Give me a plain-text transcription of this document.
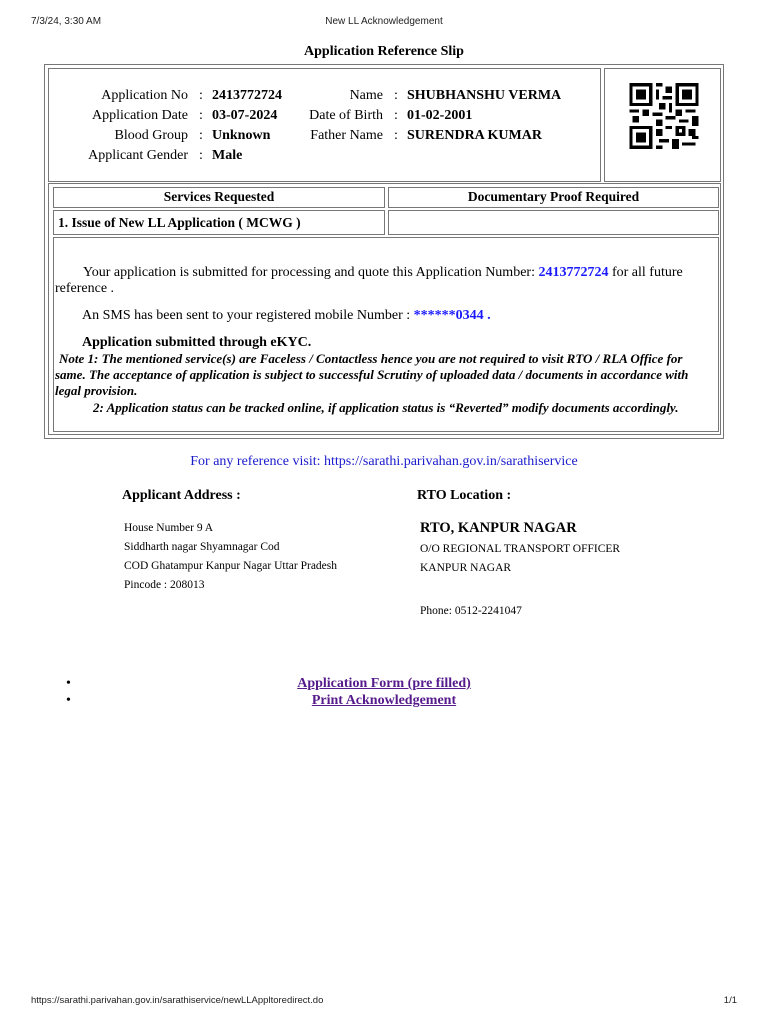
7/3/24, 3:30 AM	New LL Acknowledgement
Application Reference Slip
Application No : 2413772724	Name : SHUBHANSHU VERMA
Application Date : 03-07-2024	Date of Birth : 01-02-2001
Blood Group : Unknown	Father Name : SURENDRA KUMAR
Applicant Gender : Male
Services Requested	Documentary Proof Required
1. Issue of New LL Application ( MCWG )
Your application is submitted for processing and quote this Application Number: 2413772724 for all future reference .
An SMS has been sent to your registered mobile Number : ******0344 .
Application submitted through eKYC.
Note 1: The mentioned service(s) are Faceless / Contactless hence you are not required to visit RTO / RLA Office for same. The acceptance of application is subject to successful Scrutiny of uploaded data / documents in accordance with legal provision.
2: Application status can be tracked online, if application status is “Reverted” modify documents accordingly.
For any reference visit: https://sarathi.parivahan.gov.in/sarathiservice
Applicant Address :	RTO Location :
House Number 9 A
Siddharth nagar Shyamnagar Cod
COD Ghatampur Kanpur Nagar Uttar Pradesh
Pincode : 208013
RTO, KANPUR NAGAR
O/O REGIONAL TRANSPORT OFFICER
KANPUR NAGAR
Phone: 0512-2241047
•	Application Form (pre filled)
•	Print Acknowledgement
https://sarathi.parivahan.gov.in/sarathiservice/newLLAppltoredirect.do	1/1
